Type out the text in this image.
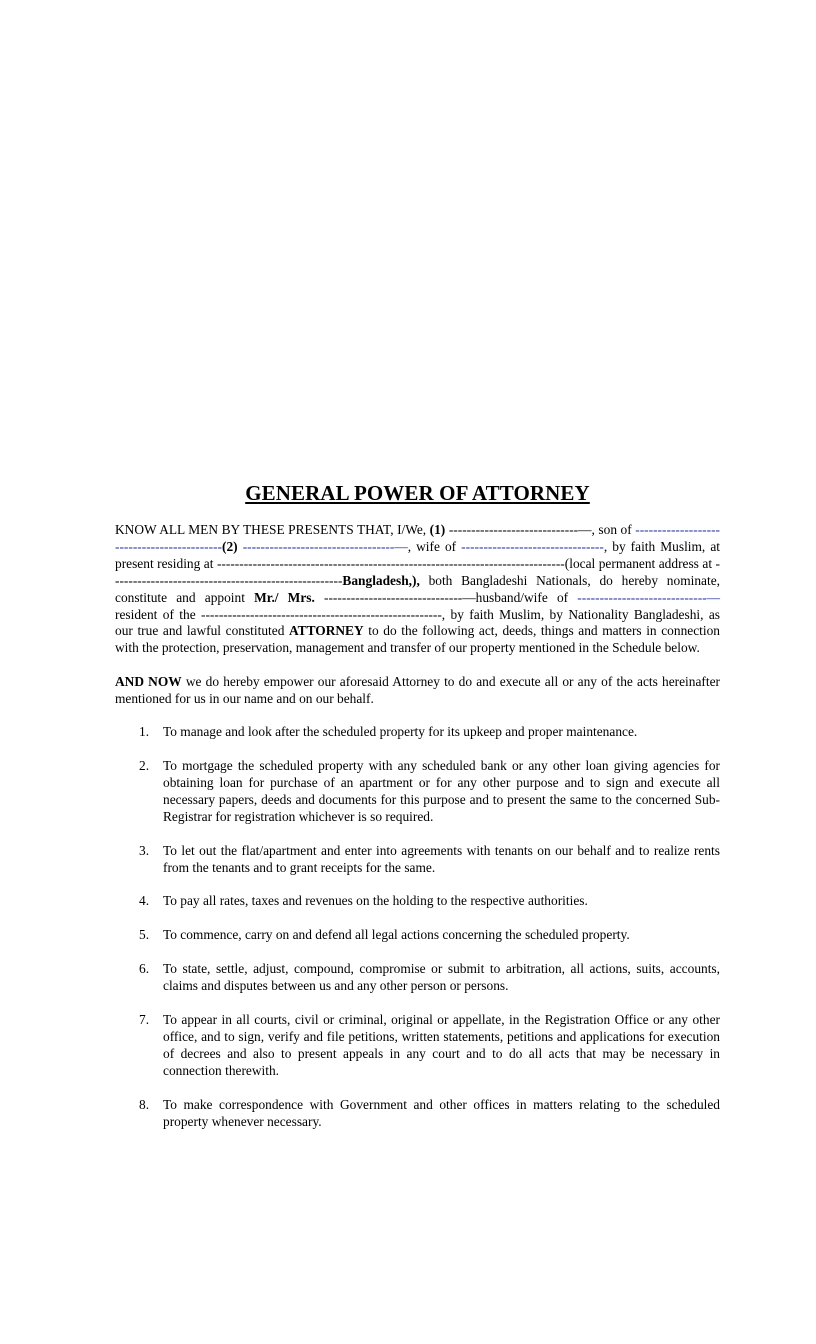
GENERAL POWER OF ATTORNEY

KNOW ALL MEN BY THESE PRESENTS THAT, I/We, (1) -----------------------------—, son of -------------------------------------------(2) ----------------------------------—, wife of --------------------------------, by faith Muslim, at present residing at ------------------------------------------------------------------------------(local permanent address at ----------------------------------------------------Bangladesh,), both Bangladeshi Nationals, do hereby nominate, constitute and appoint Mr./ Mrs. -------------------------------—husband/wife of -----------------------------— resident of the ------------------------------------------------------, by faith Muslim, by Nationality Bangladeshi, as our true and lawful constituted ATTORNEY to do the following act, deeds, things and matters in connection with the protection, preservation, management and transfer of our property mentioned in the Schedule below.

AND NOW we do hereby empower our aforesaid Attorney to do and execute all or any of the acts hereinafter mentioned for us in our name and on our behalf.

1. To manage and look after the scheduled property for its upkeep and proper maintenance.
2. To mortgage the scheduled property with any scheduled bank or any other loan giving agencies for obtaining loan for purchase of an apartment or for any other purpose and to sign and execute all necessary papers, deeds and documents for this purpose and to present the same to the concerned Sub-Registrar for registration whichever is so required.
3. To let out the flat/apartment and enter into agreements with tenants on our behalf and to realize rents from the tenants and to grant receipts for the same.
4. To pay all rates, taxes and revenues on the holding to the respective authorities.
5. To commence, carry on and defend all legal actions concerning the scheduled property.
6. To state, settle, adjust, compound, compromise or submit to arbitration, all actions, suits, accounts, claims and disputes between us and any other person or persons.
7. To appear in all courts, civil or criminal, original or appellate, in the Registration Office or any other office, and to sign, verify and file petitions, written statements, petitions and applications for execution of decrees and also to present appeals in any court and to do all acts that may be necessary in connection therewith.
8. To make correspondence with Government and other offices in matters relating to the scheduled property whenever necessary.
